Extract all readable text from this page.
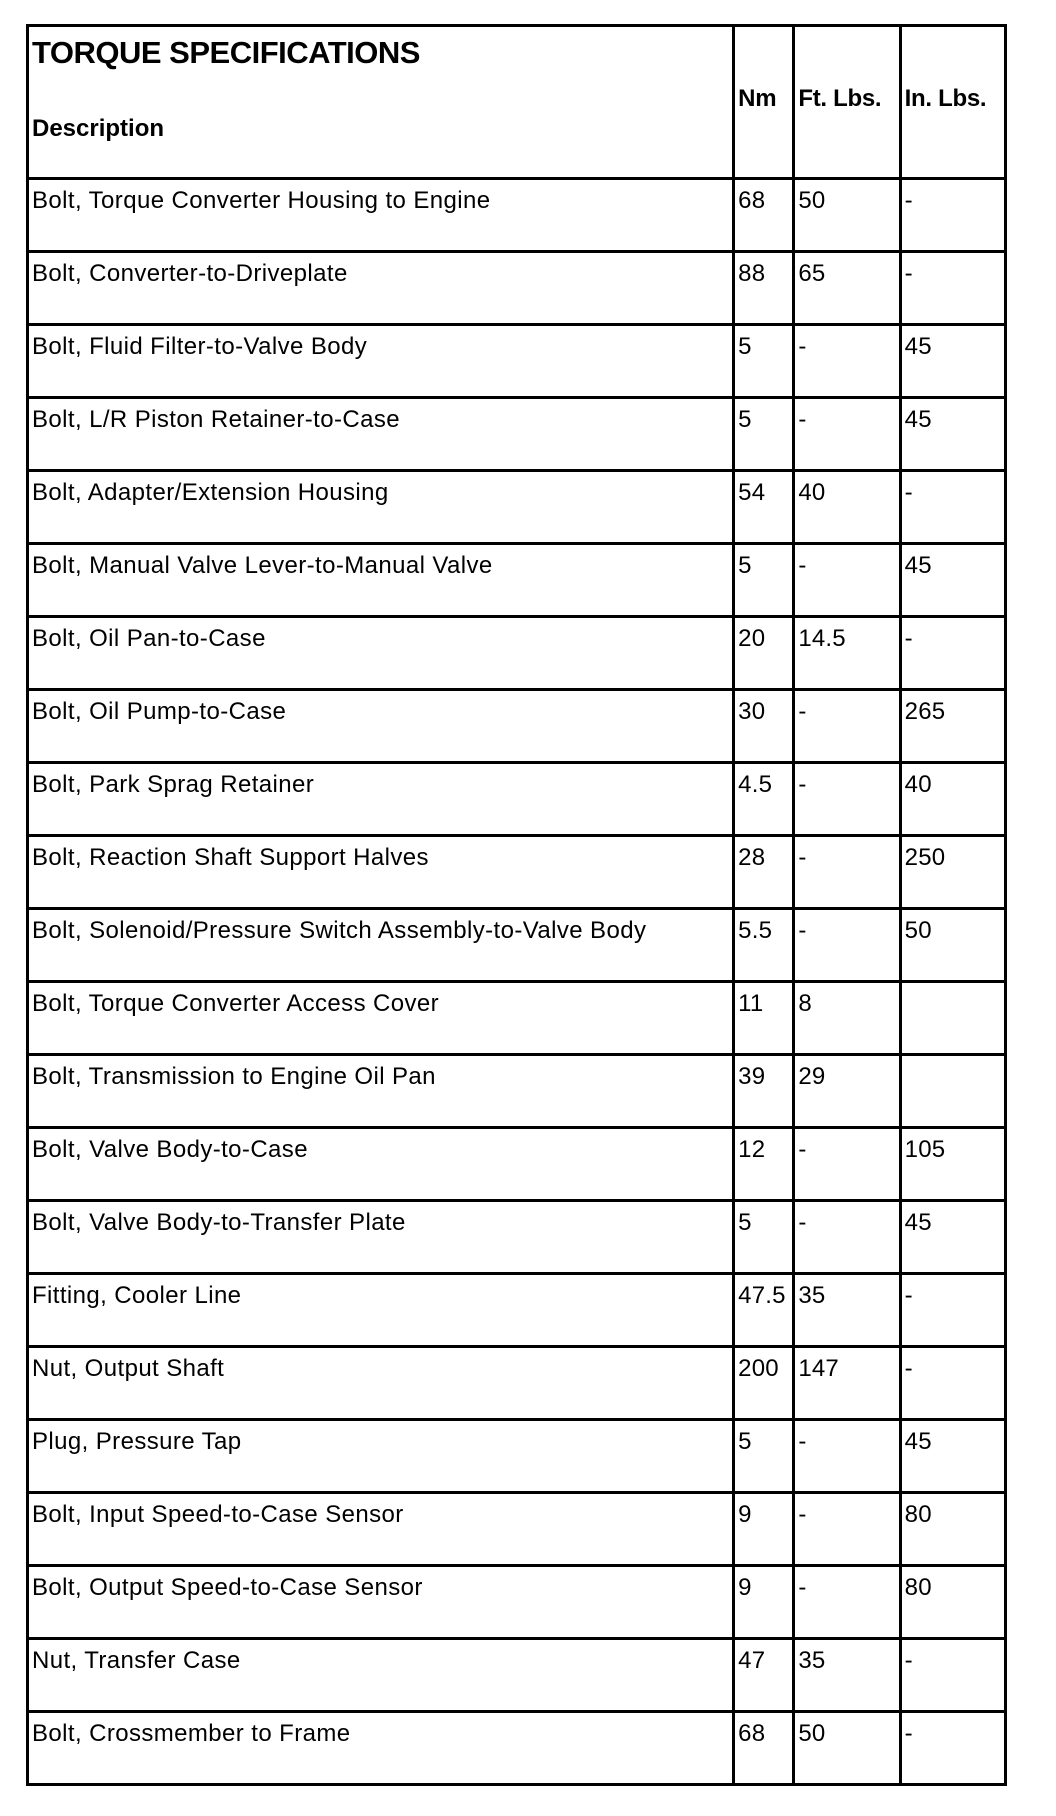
TORQUE SPECIFICATIONS
Description	Nm	Ft. Lbs.	In. Lbs.

Bolt, Torque Converter Housing to Engine	68	50	-

Bolt, Converter-to-Driveplate	88	65	-

Bolt, Fluid Filter-to-Valve Body	5	-	45

Bolt, L/R Piston Retainer-to-Case	5	-	45

Bolt, Adapter/Extension Housing	54	40	-

Bolt, Manual Valve Lever-to-Manual Valve	5	-	45

Bolt, Oil Pan-to-Case	20	14.5	-

Bolt, Oil Pump-to-Case	30	-	265

Bolt, Park Sprag Retainer	4.5	-	40

Bolt, Reaction Shaft Support Halves	28	-	250

Bolt, Solenoid/Pressure Switch Assembly-to-Valve Body	5.5	-	50

Bolt, Torque Converter Access Cover	11	8	

Bolt, Transmission to Engine Oil Pan	39	29	

Bolt, Valve Body-to-Case	12	-	105

Bolt, Valve Body-to-Transfer Plate	5	-	45

Fitting, Cooler Line	47.5	35	-

Nut, Output Shaft	200	147	-

Plug, Pressure Tap	5	-	45

Bolt, Input Speed-to-Case Sensor	9	-	80

Bolt, Output Speed-to-Case Sensor	9	-	80

Nut, Transfer Case	47	35	-

Bolt, Crossmember to Frame	68	50	-
